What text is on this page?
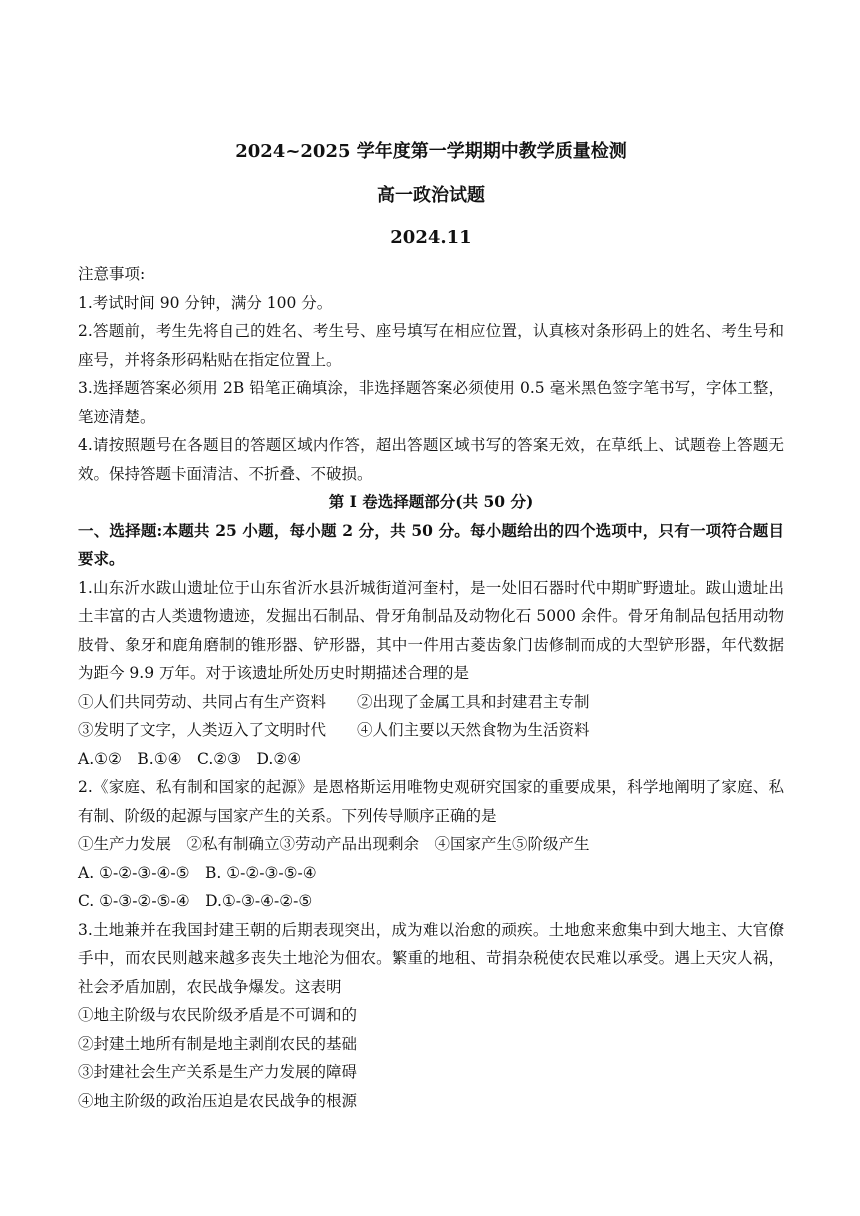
2024~2025 学年度第一学期期中教学质量检测

高一政治试题

2024.11

注意事项:

1.考试时间 90 分钟，满分 100 分。

2.答题前，考生先将自己的姓名、考生号、座号填写在相应位置，认真核对条形码上的姓名、考生号和座号，并将条形码粘贴在指定位置上。

3.选择题答案必须用 2B 铅笔正确填涂，非选择题答案必须使用 0.5 毫米黑色签字笔书写，字体工整，笔迹清楚。

4.请按照题号在各题目的答题区域内作答，超出答题区域书写的答案无效，在草纸上、试题卷上答题无效。保持答题卡面清洁、不折叠、不破损。

第 I 卷选择题部分(共 50 分)

一、选择题:本题共 25 小题，每小题 2 分，共 50 分。每小题给出的四个选项中，只有一项符合题目要求。

1.山东沂水跋山遗址位于山东省沂水县沂城街道河奎村，是一处旧石器时代中期旷野遗址。跋山遗址出土丰富的古人类遗物遗迹，发掘出石制品、骨牙角制品及动物化石 5000 余件。骨牙角制品包括用动物肢骨、象牙和鹿角磨制的锥形器、铲形器，其中一件用古菱齿象门齿修制而成的大型铲形器，年代数据为距今 9.9 万年。对于该遗址所处历史时期描述合理的是

①人们共同劳动、共同占有生产资料　　②出现了金属工具和封建君主专制

③发明了文字，人类迈入了文明时代　　④人们主要以天然食物为生活资料

A.①②　B.①④　C.②③　D.②④

2.《家庭、私有制和国家的起源》是恩格斯运用唯物史观研究国家的重要成果，科学地阐明了家庭、私有制、阶级的起源与国家产生的关系。下列传导顺序正确的是

①生产力发展　②私有制确立③劳动产品出现剩余　④国家产生⑤阶级产生

A. ①-②-③-④-⑤　B. ①-②-③-⑤-④

C. ①-③-②-⑤-④　D.①-③-④-②-⑤

3.土地兼并在我国封建王朝的后期表现突出，成为难以治愈的顽疾。土地愈来愈集中到大地主、大官僚手中，而农民则越来越多丧失土地沦为佃农。繁重的地租、苛捐杂税使农民难以承受。遇上天灾人祸，社会矛盾加剧，农民战争爆发。这表明

①地主阶级与农民阶级矛盾是不可调和的

②封建土地所有制是地主剥削农民的基础

③封建社会生产关系是生产力发展的障碍

④地主阶级的政治压迫是农民战争的根源
